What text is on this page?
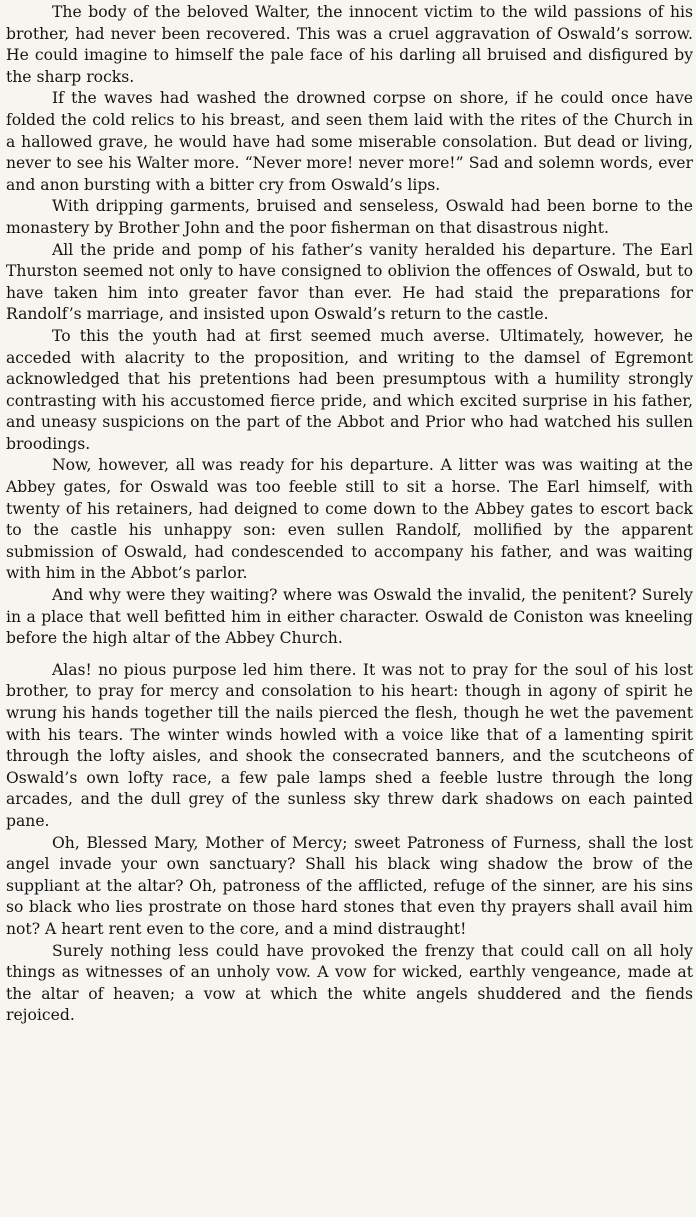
The body of the beloved Walter, the innocent victim to the wild passions of his brother, had never been recovered. This was a cruel aggravation of Oswald’s sorrow. He could imagine to himself the pale face of his darling all bruised and disfigured by the sharp rocks.

If the waves had washed the drowned corpse on shore, if he could once have folded the cold relics to his breast, and seen them laid with the rites of the Church in a hallowed grave, he would have had some miserable consolation. But dead or living, never to see his Walter more. “Never more! never more!” Sad and solemn words, ever and anon bursting with a bitter cry from Oswald’s lips.

With dripping garments, bruised and senseless, Oswald had been borne to the monastery by Brother John and the poor fisherman on that disastrous night.

All the pride and pomp of his father’s vanity heralded his departure. The Earl Thurston seemed not only to have consigned to oblivion the offences of Oswald, but to have taken him into greater favor than ever. He had staid the preparations for Randolf’s marriage, and insisted upon Oswald’s return to the castle.

To this the youth had at first seemed much averse. Ultimately, however, he acceded with alacrity to the proposition, and writing to the damsel of Egremont acknowledged that his pretentions had been presumptous with a humility strongly contrasting with his accustomed fierce pride, and which excited surprise in his father, and uneasy suspicions on the part of the Abbot and Prior who had watched his sullen broodings.

Now, however, all was ready for his departure. A litter was was waiting at the Abbey gates, for Oswald was too feeble still to sit a horse. The Earl himself, with twenty of his retainers, had deigned to come down to the Abbey gates to escort back to the castle his unhappy son: even sullen Randolf, mollified by the apparent submission of Oswald, had condescended to accompany his father, and was waiting with him in the Abbot’s parlor.

And why were they waiting? where was Oswald the invalid, the penitent? Surely in a place that well befitted him in either character. Oswald de Coniston was kneeling before the high altar of the Abbey Church.

Alas! no pious purpose led him there. It was not to pray for the soul of his lost brother, to pray for mercy and consolation to his heart: though in agony of spirit he wrung his hands together till the nails pierced the flesh, though he wet the pavement with his tears. The winter winds howled with a voice like that of a lamenting spirit through the lofty aisles, and shook the consecrated banners, and the scutcheons of Oswald’s own lofty race, a few pale lamps shed a feeble lustre through the long arcades, and the dull grey of the sunless sky threw dark shadows on each painted pane.

Oh, Blessed Mary, Mother of Mercy; sweet Patroness of Furness, shall the lost angel invade your own sanctuary? Shall his black wing shadow the brow of the suppliant at the altar? Oh, patroness of the afflicted, refuge of the sinner, are his sins so black who lies prostrate on those hard stones that even thy prayers shall avail him not? A heart rent even to the core, and a mind distraught!

Surely nothing less could have provoked the frenzy that could call on all holy things as witnesses of an unholy vow. A vow for wicked, earthly vengeance, made at the altar of heaven; a vow at which the white angels shuddered and the fiends rejoiced.
